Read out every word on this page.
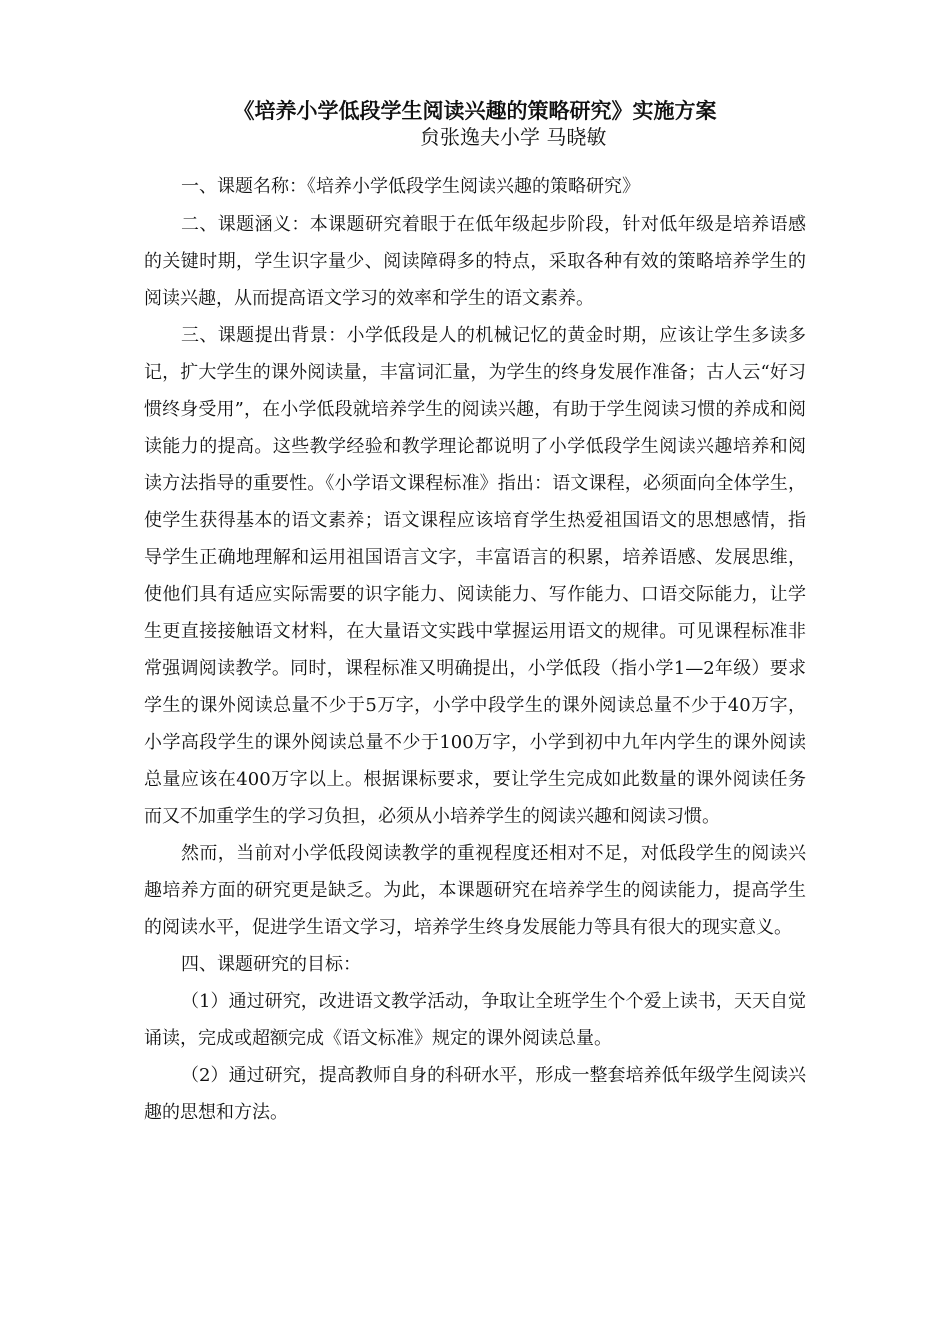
《培养小学低段学生阅读兴趣的策略研究》实施方案
贠张逸夫小学 马晓敏

一、课题名称：《培养小学低段学生阅读兴趣的策略研究》

二、课题涵义：本课题研究着眼于在低年级起步阶段，针对低年级是培养语感的关键时期，学生识字量少、阅读障碍多的特点，采取各种有效的策略培养学生的阅读兴趣，从而提高语文学习的效率和学生的语文素养。

三、课题提出背景：小学低段是人的机械记忆的黄金时期，应该让学生多读多记，扩大学生的课外阅读量，丰富词汇量，为学生的终身发展作准备；古人云“好习惯终身受用”，在小学低段就培养学生的阅读兴趣，有助于学生阅读习惯的养成和阅读能力的提高。这些教学经验和教学理论都说明了小学低段学生阅读兴趣培养和阅读方法指导的重要性。《小学语文课程标准》指出：语文课程，必须面向全体学生，使学生获得基本的语文素养；语文课程应该培育学生热爱祖国语文的思想感情，指导学生正确地理解和运用祖国语言文字，丰富语言的积累，培养语感、发展思维，使他们具有适应实际需要的识字能力、阅读能力、写作能力、口语交际能力，让学生更直接接触语文材料，在大量语文实践中掌握运用语文的规律。可见课程标准非常强调阅读教学。同时，课程标准又明确提出，小学低段（指小学1—2年级）要求学生的课外阅读总量不少于5万字，小学中段学生的课外阅读总量不少于40万字，小学高段学生的课外阅读总量不少于100万字，小学到初中九年内学生的课外阅读总量应该在400万字以上。根据课标要求，要让学生完成如此数量的课外阅读任务而又不加重学生的学习负担，必须从小培养学生的阅读兴趣和阅读习惯。

然而，当前对小学低段阅读教学的重视程度还相对不足，对低段学生的阅读兴趣培养方面的研究更是缺乏。为此，本课题研究在培养学生的阅读能力，提高学生的阅读水平，促进学生语文学习，培养学生终身发展能力等具有很大的现实意义。

四、课题研究的目标：

（1）通过研究，改进语文教学活动，争取让全班学生个个爱上读书，天天自觉诵读，完成或超额完成《语文标准》规定的课外阅读总量。

（2）通过研究，提高教师自身的科研水平，形成一整套培养低年级学生阅读兴趣的思想和方法。
